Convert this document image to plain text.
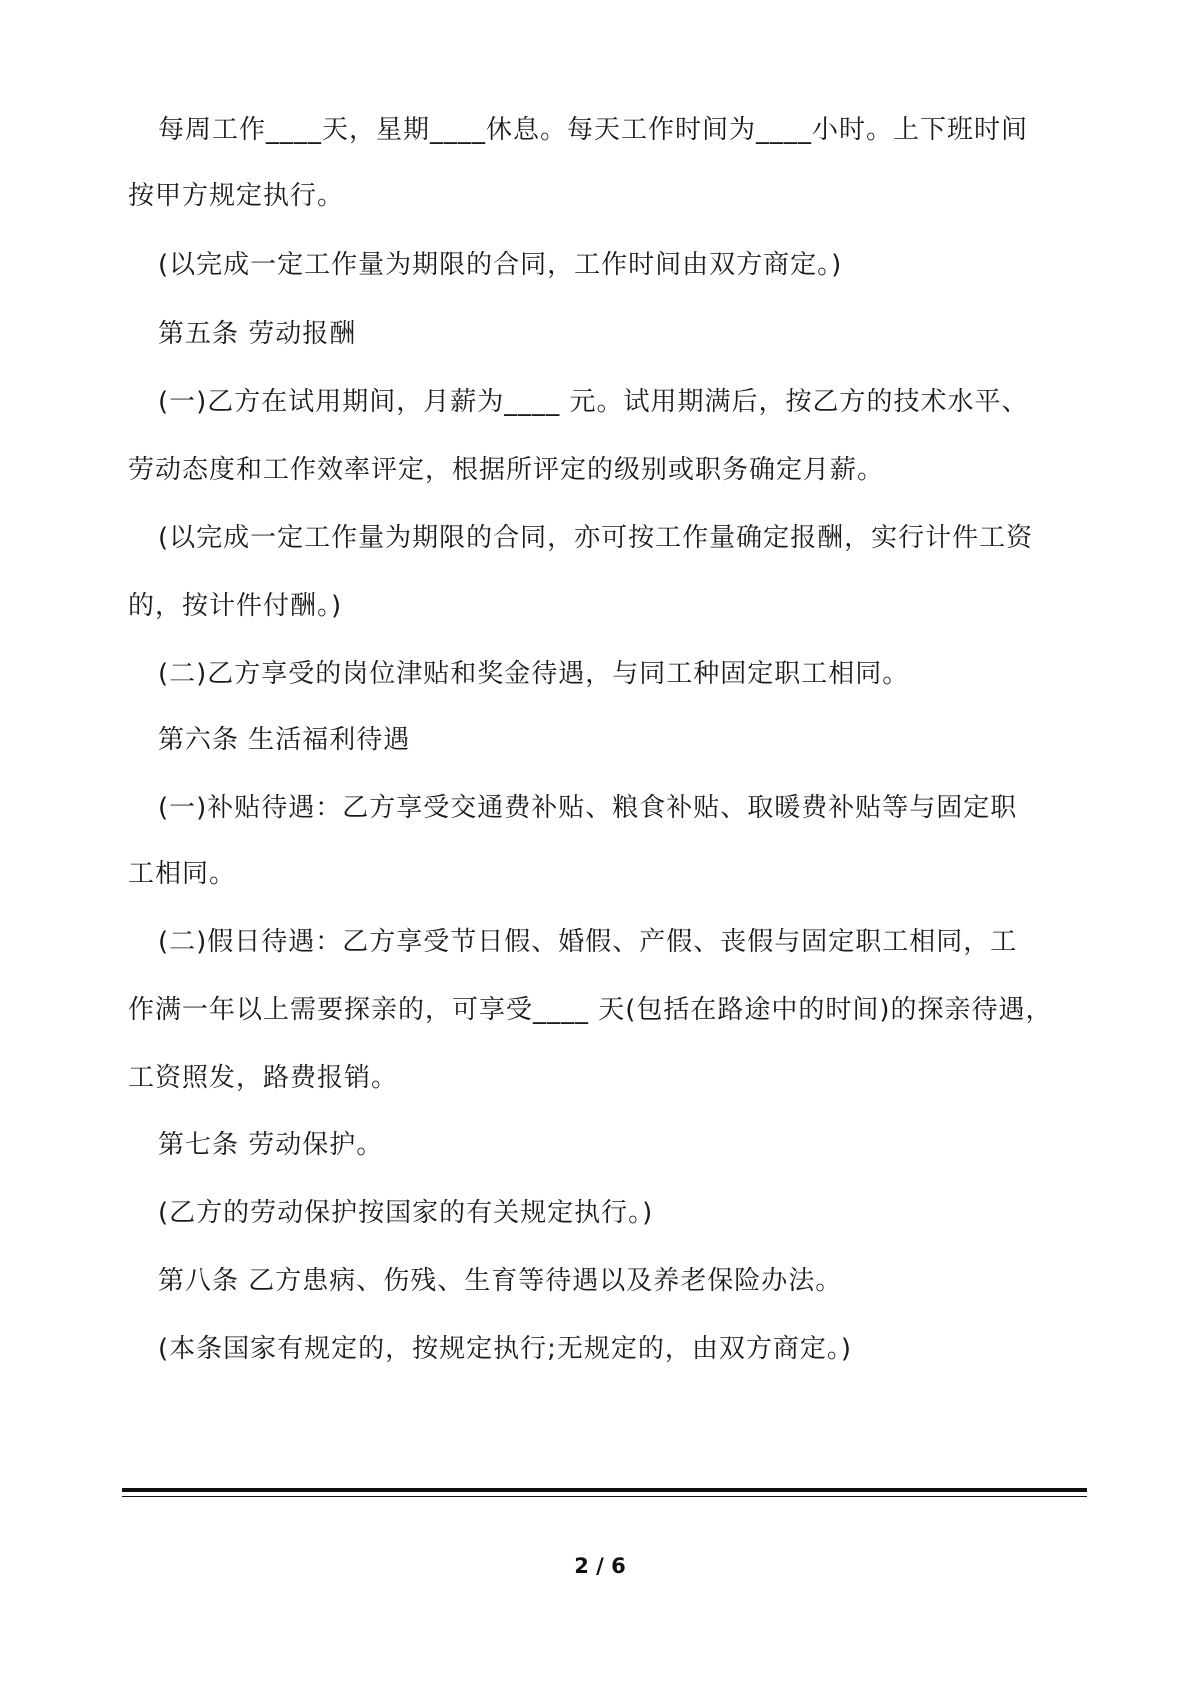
每周工作____天，星期____休息。每天工作时间为____小时。上下班时间
按甲方规定执行。
(以完成一定工作量为期限的合同，工作时间由双方商定。)
第五条 劳动报酬
(一)乙方在试用期间，月薪为____ 元。试用期满后，按乙方的技术水平、
劳动态度和工作效率评定，根据所评定的级别或职务确定月薪。
(以完成一定工作量为期限的合同，亦可按工作量确定报酬，实行计件工资
的，按计件付酬。)
(二)乙方享受的岗位津贴和奖金待遇，与同工种固定职工相同。
第六条 生活福利待遇
(一)补贴待遇：乙方享受交通费补贴、粮食补贴、取暖费补贴等与固定职
工相同。
(二)假日待遇：乙方享受节日假、婚假、产假、丧假与固定职工相同，工
作满一年以上需要探亲的，可享受____ 天(包括在路途中的时间)的探亲待遇，
工资照发，路费报销。
第七条 劳动保护。
(乙方的劳动保护按国家的有关规定执行。)
第八条 乙方患病、伤残、生育等待遇以及养老保险办法。
(本条国家有规定的，按规定执行;无规定的，由双方商定。)
2 / 6
